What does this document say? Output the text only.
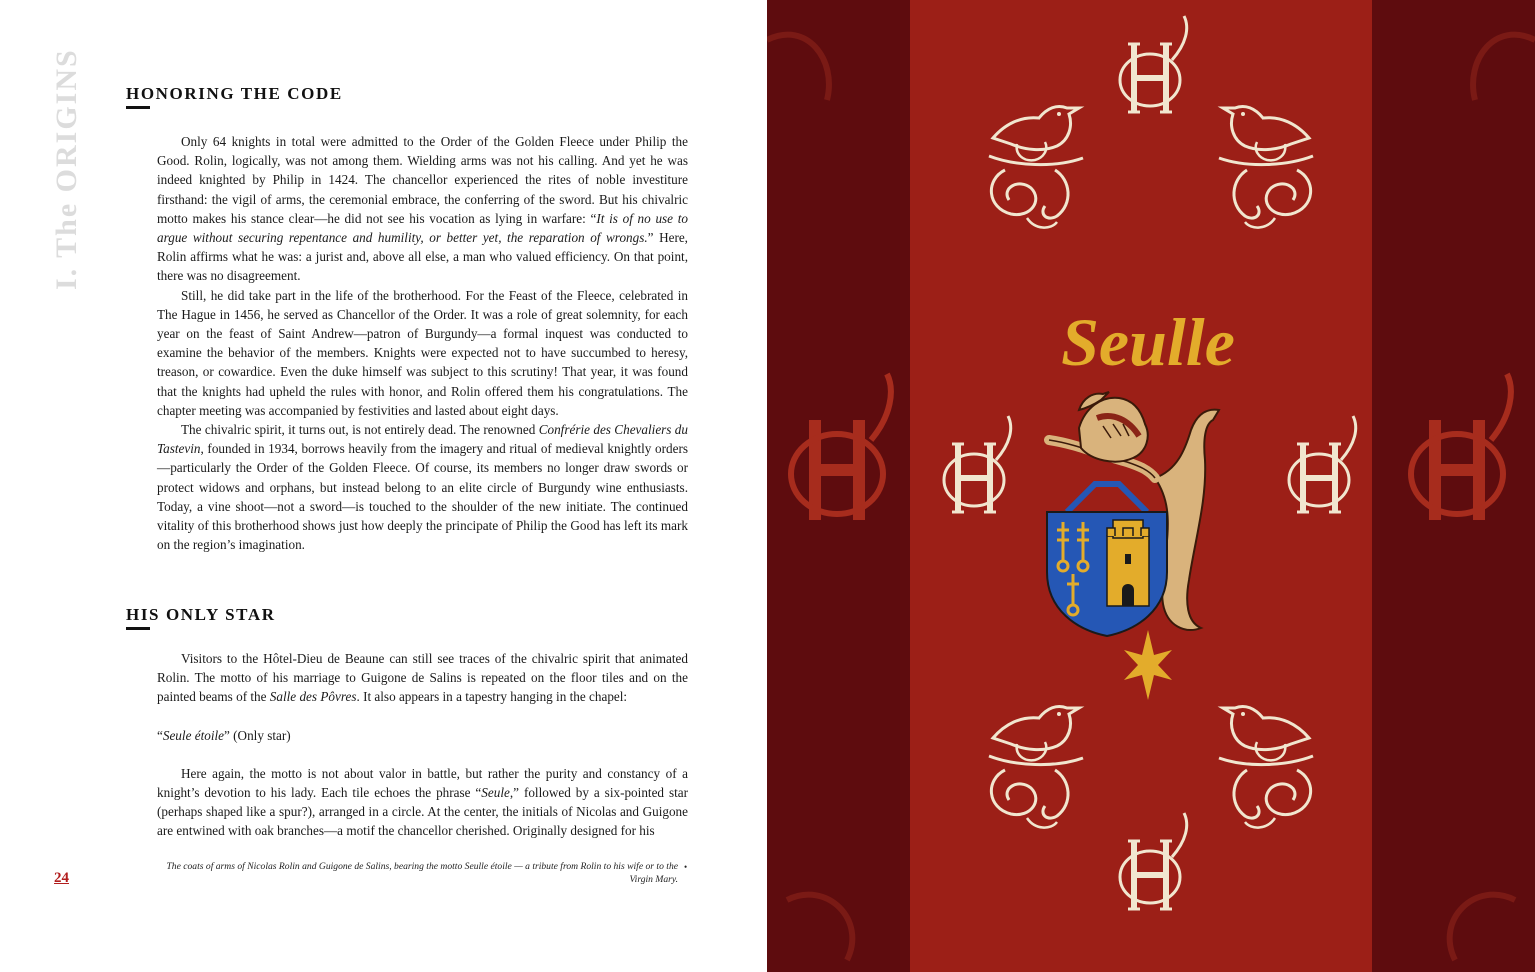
I. The ORIGINS	HONORING THE CODE

Only 64 knights in total were admitted to the Order of the Golden Fleece under Philip the Good. Rolin, logically, was not among them. Wielding arms was not his calling. And yet he was indeed knighted by Philip in 1424. The chancellor experienced the rites of noble investiture firsthand: the vigil of arms, the ceremonial embrace, the conferring of the sword. But his chivalric motto makes his stance clear—he did not see his vocation as lying in warfare: “It is of no use to argue without securing repentance and humility, or better yet, the reparation of wrongs.” Here, Rolin affirms what he was: a jurist and, above all else, a man who valued efficiency. On that point, there was no disagreement.

Still, he did take part in the life of the brotherhood. For the Feast of the Fleece, celebrated in The Hague in 1456, he served as Chancellor of the Order. It was a role of great solemnity, for each year on the feast of Saint Andrew—patron of Burgundy—a formal inquest was conducted to examine the behavior of the members. Knights were expected not to have succumbed to heresy, treason, or cowardice. Even the duke himself was subject to this scrutiny! That year, it was found that the knights had upheld the rules with honor, and Rolin offered them his congratulations. The chapter meeting was accompanied by festivities and lasted about eight days.

The chivalric spirit, it turns out, is not entirely dead. The renowned Confrérie des Chevaliers du Tastevin, founded in 1934, borrows heavily from the imagery and ritual of medieval knightly orders—particularly the Order of the Golden Fleece. Of course, its members no longer draw swords or protect widows and orphans, but instead belong to an elite circle of Burgundy wine enthusiasts. Today, a vine shoot—not a sword—is touched to the shoulder of the new initiate. The continued vitality of this brotherhood shows just how deeply the principate of Philip the Good has left its mark on the region’s imagination.

HIS ONLY STAR

Visitors to the Hôtel-Dieu de Beaune can still see traces of the chivalric spirit that animated Rolin. The motto of his marriage to Guigone de Salins is repeated on the floor tiles and on the painted beams of the Salle des Pôvres. It also appears in a tapestry hanging in the chapel:

“Seule étoile” (Only star)

Here again, the motto is not about valor in battle, but rather the purity and constancy of a knight’s devotion to his lady. Each tile echoes the phrase “Seule,” followed by a six-pointed star (perhaps shaped like a spur?), arranged in a circle. At the center, the initials of Nicolas and Guigone are entwined with oak branches—a motif the chancellor cherished. Originally designed for his

The coats of arms of Nicolas Rolin and Guigone de Salins, bearing the motto Seulle étoile — a tribute from Rolin to his wife or to the Virgin Mary.

•
24
Seulle
